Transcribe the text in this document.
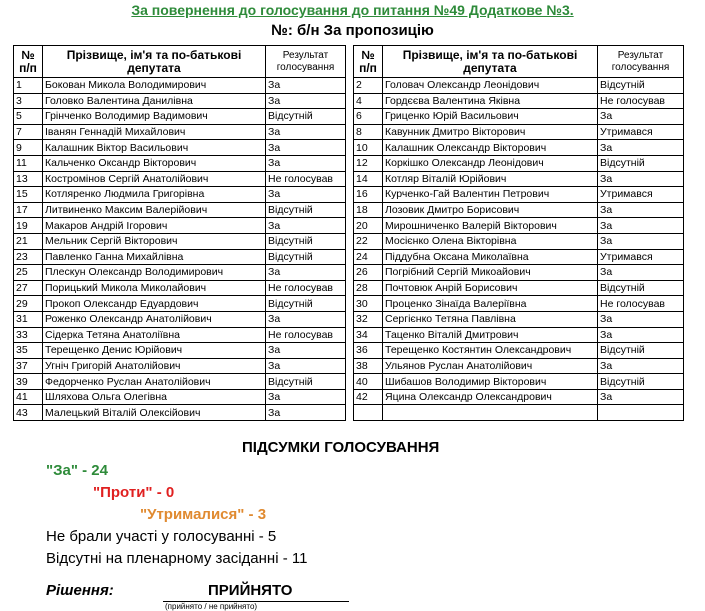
За повернення до голосування до питання №49 Додаткове №3.
№: б/н За пропозицію
№ п/п	Прізвище, ім'я та по-батькові депутата	Результат голосування
1	Бокован Микола Володимирович	За
3	Головко Валентина Данилівна	За
5	Грінченко Володимир Вадимович	Відсутній
7	Іванян Геннадій Михайлович	За
9	Калашник Віктор Васильович	За
11	Кальченко Оксандр Вікторович	За
13	Костромінов Сергій Анатолійович	Не голосував
15	Котляренко Людмила Григорівна	За
17	Литвиненко Максим Валерійович	Відсутній
19	Макаров Андрій Ігорович	За
21	Мельник Сергій Вікторович	Відсутній
23	Павленко Ганна Михайлівна	Відсутній
25	Плескун Олександр Володимирович	За
27	Порицький Микола Миколайович	Не голосував
29	Прокоп Олександр Едуардович	Відсутній
31	Роженко Олександр Анатолійович	За
33	Сідерка Тетяна Анатоліївна	Не голосував
35	Терещенко Денис Юрійович	За
37	Угніч Григорій Анатолійович	За
39	Федорченко Руслан Анатолійович	Відсутній
41	Шляхова Ольга Олегівна	За
43	Малецький Віталій Олексійович	За
№ п/п	Прізвище, ім'я та по-батькові депутата	Результат голосування
2	Головач Олександр Леонідович	Відсутній
4	Гордєєва Валентина Яківна	Не голосував
6	Гриценко Юрій Васильович	За
8	Кавунник Дмитро Вікторович	Утримався
10	Калашник Олександр Вікторович	За
12	Коркішко Олександр Леонідович	Відсутній
14	Котляр Віталій Юрійович	За
16	Курченко-Гай Валентин Петрович	Утримався
18	Лозовик Дмитро Борисович	За
20	Мирошниченко Валерій Вікторович	За
22	Мосієнко Олена Вікторівна	За
24	Піддубна Оксана Миколаївна	Утримався
26	Погрібний Сергій Микоайович	За
28	Почтовюк Анрій Борисович	Відсутній
30	Проценко Зінаїда Валеріївна	Не голосував
32	Сергієнко Тетяна Павлівна	За
34	Таценко Віталій Дмитрович	За
36	Терещенко Костянтин Олександрович	Відсутній
38	Ульянов Руслан Анатолійович	За
40	Шибашов Володимир Вікторович	Відсутній
42	Яцина Олександр Олександрович	За

ПІДСУМКИ ГОЛОСУВАННЯ
"За" - 24
"Проти" - 0
"Утрималися" - 3
Не брали участі у голосуванні - 5
Відсутні на пленарному засіданні - 11
Рішення:	ПРИЙНЯТО
(прийнято / не прийнято)
